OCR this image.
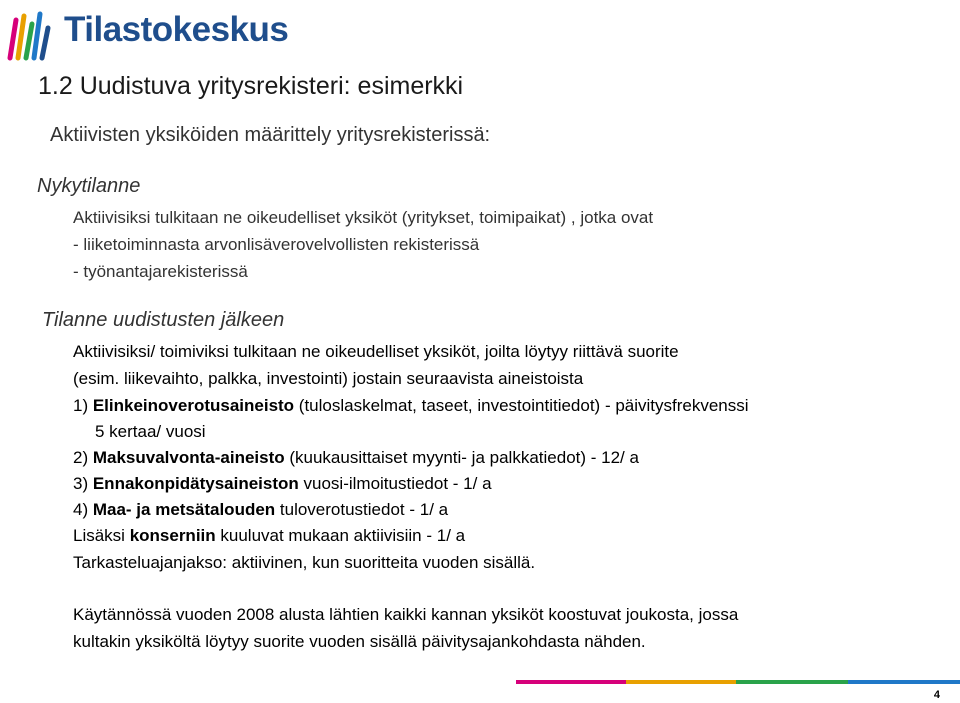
Tilastokeskus
1.2 Uudistuva yritysrekisteri: esimerkki
Aktiivisten yksiköiden määrittely yritysrekisterissä:
Nykytilanne
Aktiivisiksi tulkitaan ne oikeudelliset yksiköt (yritykset, toimipaikat) , jotka ovat
- liiketoiminnasta arvonlisäverovelvollisten rekisterissä
- työnantajarekisterissä
Tilanne uudistusten jälkeen
Aktiivisiksi/ toimiviksi tulkitaan ne oikeudelliset yksiköt, joilta löytyy riittävä suorite
(esim. liikevaihto, palkka, investointi) jostain seuraavista aineistoista
1) Elinkeinoverotusaineisto (tuloslaskelmat, taseet, investointitiedot) - päivitysfrekvenssi
5 kertaa/ vuosi
2) Maksuvalvonta-aineisto (kuukausittaiset myynti- ja palkkatiedot) - 12/ a
3) Ennakonpidätysaineiston vuosi-ilmoitustiedot - 1/ a
4) Maa- ja metsätalouden tuloverotustiedot - 1/ a
Lisäksi konserniin kuuluvat mukaan aktiivisiin - 1/ a
Tarkasteluajanjakso: aktiivinen, kun suoritteita vuoden sisällä.
Käytännössä vuoden 2008 alusta lähtien kaikki kannan yksiköt koostuvat joukosta, jossa
kultakin yksiköltä löytyy suorite vuoden sisällä päivitysajankohdasta nähden.
4
